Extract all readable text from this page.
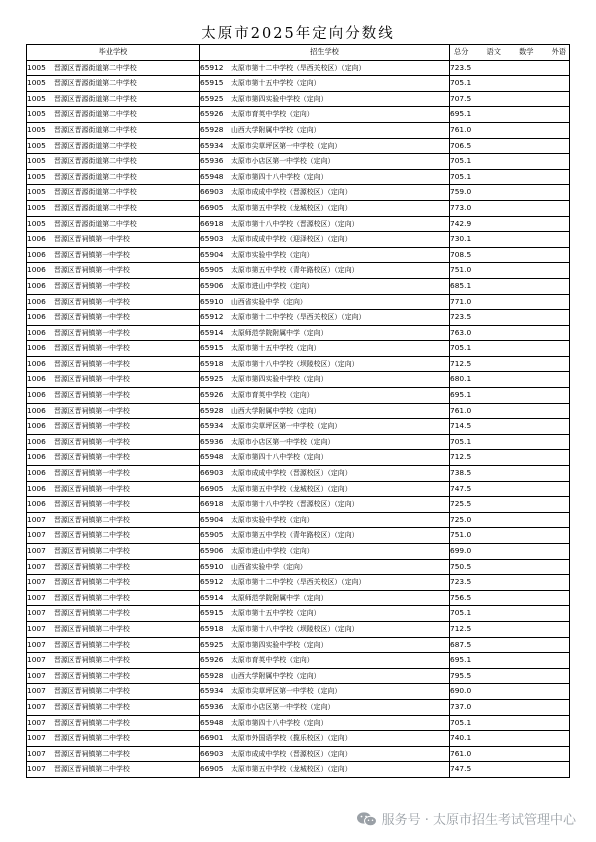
太原市2025年定向分数线
毕业学校	招生学校	总分 语文 数学 外语

1005 晋源区晋源街道第二中学校	65912 太原市第十二中学校（旱西关校区）（定向）	723.5
1005 晋源区晋源街道第二中学校	65915 太原市第十五中学校（定向）	705.1
1005 晋源区晋源街道第二中学校	65925 太原市第四实验中学校（定向）	707.5
1005 晋源区晋源街道第二中学校	65926 太原市育英中学校（定向）	695.1
1005 晋源区晋源街道第二中学校	65928 山西大学附属中学校（定向）	761.0
1005 晋源区晋源街道第二中学校	65934 太原市尖草坪区第一中学校（定向）	706.5
1005 晋源区晋源街道第二中学校	65936 太原市小店区第一中学校（定向）	705.1
1005 晋源区晋源街道第二中学校	65948 太原市第四十八中学校（定向）	705.1
1005 晋源区晋源街道第二中学校	66903 太原市成成中学校（晋源校区）（定向）	759.0
1005 晋源区晋源街道第二中学校	66905 太原市第五中学校（龙城校区）（定向）	773.0
1005 晋源区晋源街道第二中学校	66918 太原市第十八中学校（晋源校区）（定向）	742.9
1006 晋源区晋祠镇第一中学校	65903 太原市成成中学校（迎泽校区）（定向）	730.1
1006 晋源区晋祠镇第一中学校	65904 太原市实验中学校（定向）	708.5
1006 晋源区晋祠镇第一中学校	65905 太原市第五中学校（青年路校区）（定向）	751.0
1006 晋源区晋祠镇第一中学校	65906 太原市进山中学校（定向）	685.1
1006 晋源区晋祠镇第一中学校	65910 山西省实验中学（定向）	771.0
1006 晋源区晋祠镇第一中学校	65912 太原市第十二中学校（旱西关校区）（定向）	723.5
1006 晋源区晋祠镇第一中学校	65914 太原师范学院附属中学（定向）	763.0
1006 晋源区晋祠镇第一中学校	65915 太原市第十五中学校（定向）	705.1
1006 晋源区晋祠镇第一中学校	65918 太原市第十八中学校（坝陵校区）（定向）	712.5
1006 晋源区晋祠镇第一中学校	65925 太原市第四实验中学校（定向）	680.1
1006 晋源区晋祠镇第一中学校	65926 太原市育英中学校（定向）	695.1
1006 晋源区晋祠镇第一中学校	65928 山西大学附属中学校（定向）	761.0
1006 晋源区晋祠镇第一中学校	65934 太原市尖草坪区第一中学校（定向）	714.5
1006 晋源区晋祠镇第一中学校	65936 太原市小店区第一中学校（定向）	705.1
1006 晋源区晋祠镇第一中学校	65948 太原市第四十八中学校（定向）	712.5
1006 晋源区晋祠镇第一中学校	66903 太原市成成中学校（晋源校区）（定向）	738.5
1006 晋源区晋祠镇第一中学校	66905 太原市第五中学校（龙城校区）（定向）	747.5
1006 晋源区晋祠镇第一中学校	66918 太原市第十八中学校（晋源校区）（定向）	725.5
1007 晋源区晋祠镇第二中学校	65904 太原市实验中学校（定向）	725.0
1007 晋源区晋祠镇第二中学校	65905 太原市第五中学校（青年路校区）（定向）	751.0
1007 晋源区晋祠镇第二中学校	65906 太原市进山中学校（定向）	699.0
1007 晋源区晋祠镇第二中学校	65910 山西省实验中学（定向）	750.5
1007 晋源区晋祠镇第二中学校	65912 太原市第十二中学校（旱西关校区）（定向）	723.5
1007 晋源区晋祠镇第二中学校	65914 太原师范学院附属中学（定向）	756.5
1007 晋源区晋祠镇第二中学校	65915 太原市第十五中学校（定向）	705.1
1007 晋源区晋祠镇第二中学校	65918 太原市第十八中学校（坝陵校区）（定向）	712.5
1007 晋源区晋祠镇第二中学校	65925 太原市第四实验中学校（定向）	687.5
1007 晋源区晋祠镇第二中学校	65926 太原市育英中学校（定向）	695.1
1007 晋源区晋祠镇第二中学校	65928 山西大学附属中学校（定向）	795.5
1007 晋源区晋祠镇第二中学校	65934 太原市尖草坪区第一中学校（定向）	690.0
1007 晋源区晋祠镇第二中学校	65936 太原市小店区第一中学校（定向）	737.0
1007 晋源区晋祠镇第二中学校	65948 太原市第四十八中学校（定向）	705.1
1007 晋源区晋祠镇第二中学校	66901 太原市外国语学校（揽乐校区）（定向）	740.1
1007 晋源区晋祠镇第二中学校	66903 太原市成成中学校（晋源校区）（定向）	761.0
1007 晋源区晋祠镇第二中学校	66905 太原市第五中学校（龙城校区）（定向）	747.5
服务号 · 太原市招生考试管理中心
